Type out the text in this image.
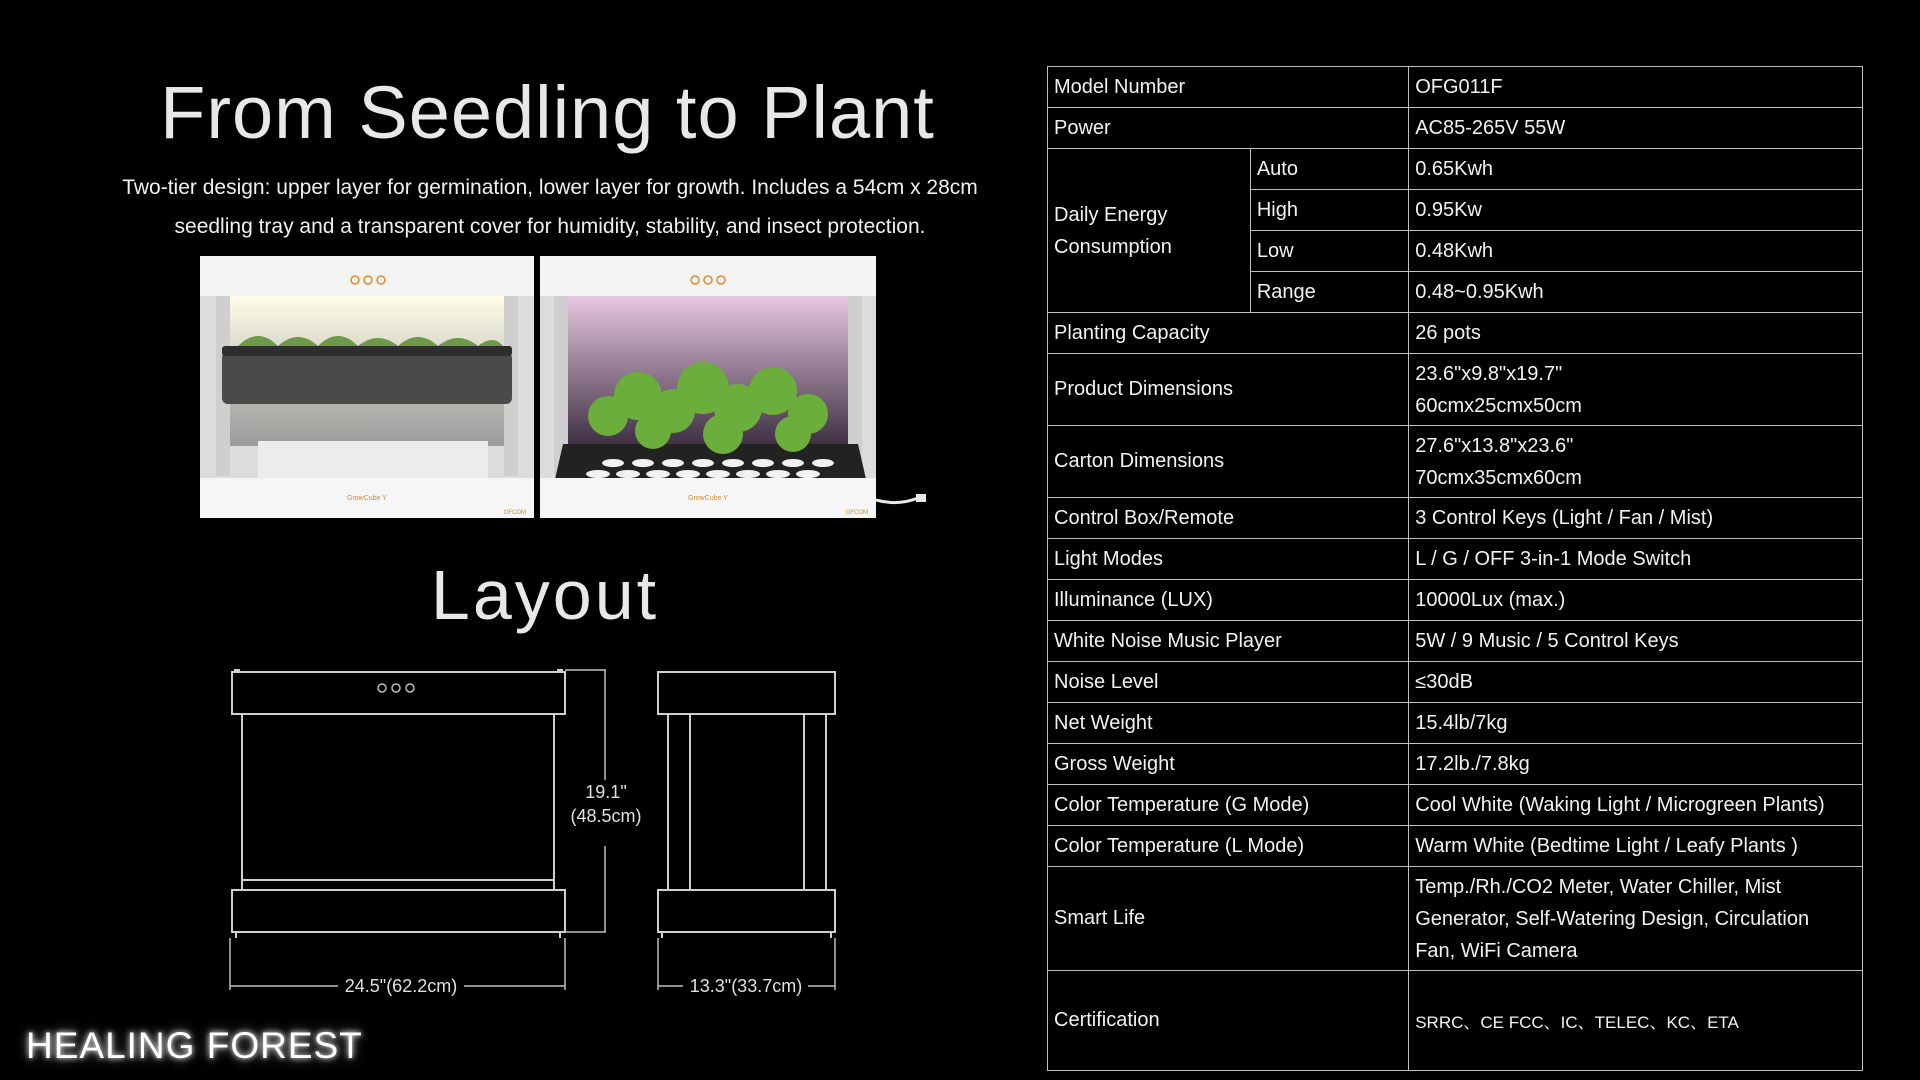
From Seedling to Plant
Two-tier design: upper layer for germination, lower layer for growth. Includes a 54cm x 28cm seedling tray and a transparent cover for humidity, stability, and insect protection.
GrowCube Y
OFCOM
GrowCube Y
OFCOM
Layout
19.1"
(48.5cm)
24.5"(62.2cm)	13.3"(33.7cm)
HEALING FOREST
Model Number		OFG011F
Power		AC85-265V 55W
Daily Energy Consumption	Auto	0.65Kwh
	High	0.95Kw
	Low	0.48Kwh
	Range	0.48~0.95Kwh
Planting Capacity		26 pots
Product Dimensions		23.6"x9.8"x19.7"
60cmx25cmx50cm

Carton Dimensions		27.6"x13.8"x23.6"
70cmx35cmx60cm

Control Box/Remote		3 Control Keys (Light / Fan / Mist)
Light Modes		L / G / OFF 3-in-1 Mode Switch
Illuminance (LUX)		10000Lux (max.)
White Noise Music Player		5W / 9 Music / 5 Control Keys
Noise Level		≤30dB
Net Weight		15.4lb/7kg
Gross Weight		17.2lb./7.8kg
Color Temperature (G Mode)		Cool White (Waking Light / Microgreen Plants)
Color Temperature (L Mode)		Warm White (Bedtime Light / Leafy Plants )
Smart Life		Temp./Rh./CO2 Meter, Water Chiller, Mist
Generator, Self-Watering Design, Circulation
Fan, WiFi Camera

Certification		SRRC、CE FCC、IC、TELEC、KC、ETA
